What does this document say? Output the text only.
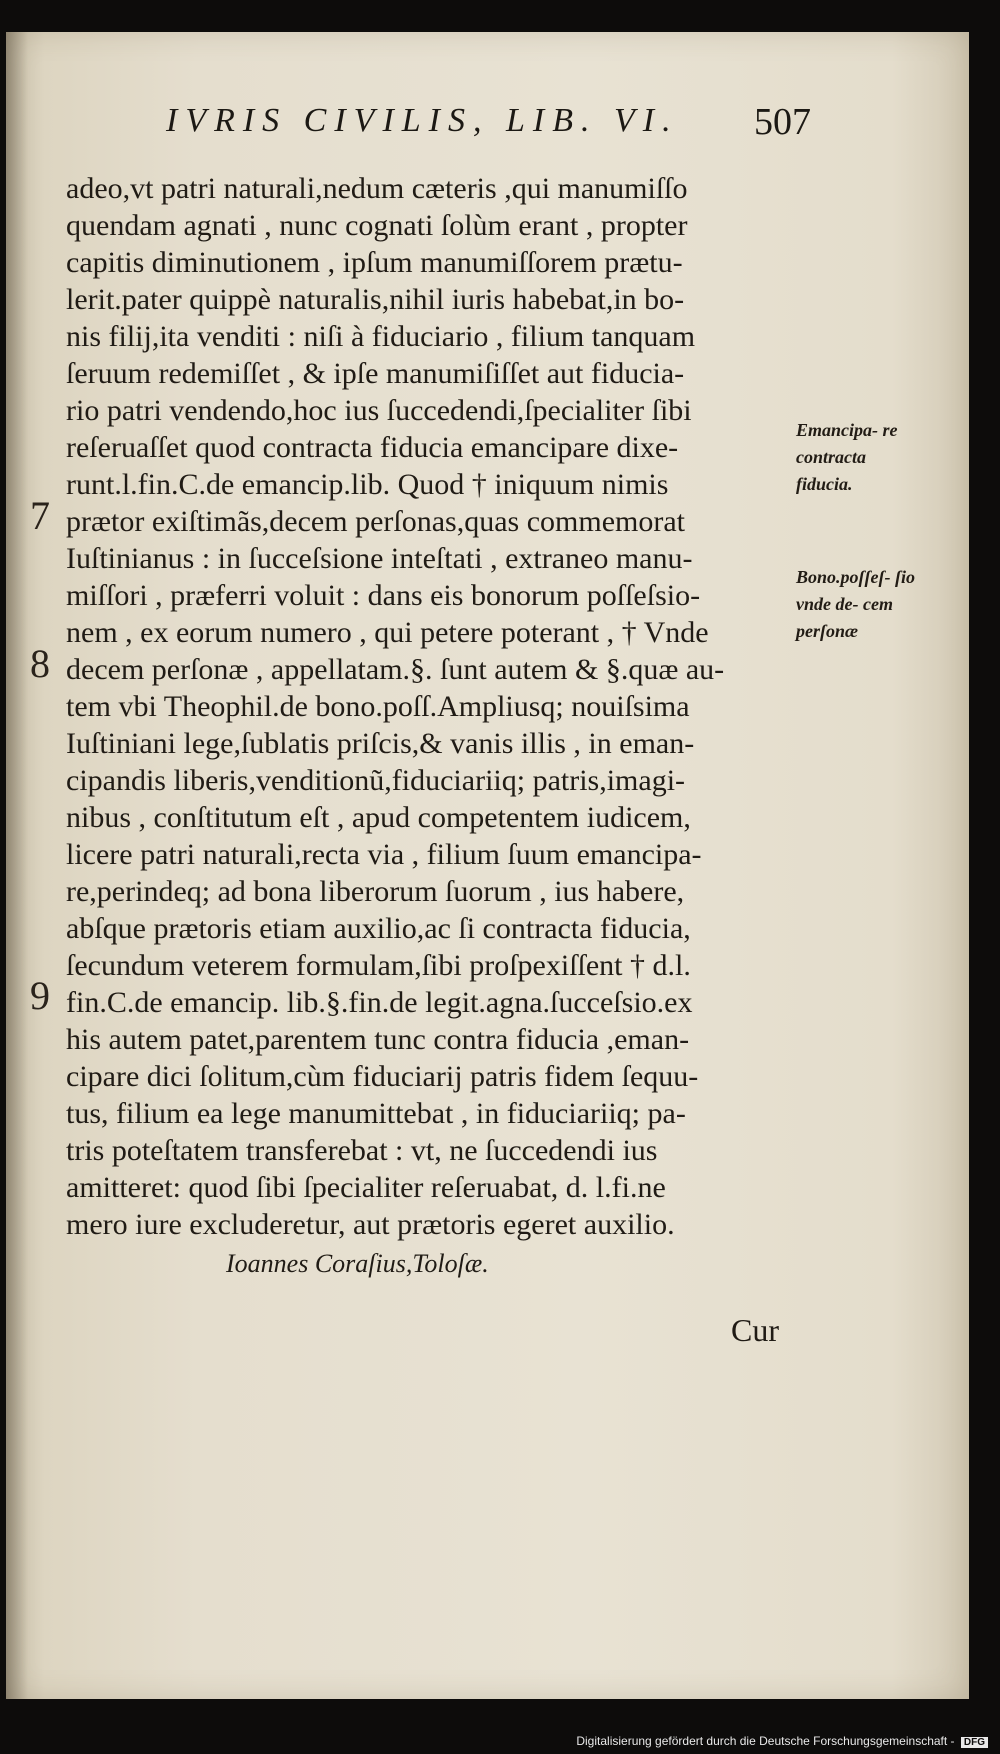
IVRIS CIVILIS, LIB. VI. 507
adeo,vt patri naturali,nedum cæteris ,qui manumiſſo
quendam agnati , nunc cognati ſolùm erant , propter
capitis diminutionem , ipſum manumiſſorem prætu-
lerit.pater quippè naturalis,nihil iuris habebat,in bo-
nis filij,ita venditi : niſi à fiduciario , filium tanquam
ſeruum redemiſſet , & ipſe manumiſiſſet aut fiducia-
rio patri vendendo,hoc ius ſuccedendi,ſpecialiter ſibi
reſeruaſſet quod contracta fiducia emancipare dixe-
runt.l.fin.C.de emancip.lib. Quod † iniquum nimis
prætor exiſtimãs,decem perſonas,quas commemorat
Iuſtinianus : in ſucceſsione inteſtati , extraneo manu-
miſſori , præferri voluit : dans eis bonorum poſſeſsio-
nem , ex eorum numero , qui petere poterant , † Vnde
decem perſonæ , appellatam.§. ſunt autem & §.quæ au-
tem vbi Theophil.de bono.poſſ.Ampliusq; nouiſsima
Iuſtiniani lege,ſublatis priſcis,& vanis illis , in eman-
cipandis liberis,venditionũ,fiduciariiq; patris,imagi-
nibus , conſtitutum eſt , apud competentem iudicem,
licere patri naturali,recta via , filium ſuum emancipa-
re,perindeq; ad bona liberorum ſuorum , ius habere,
abſque prætoris etiam auxilio,ac ſi contracta fiducia,
ſecundum veterem formulam,ſibi proſpexiſſent † d.l.
fin.C.de emancip. lib.§.fin.de legit.agna.ſucceſsio.ex
his autem patet,parentem tunc contra fiducia ,eman-
cipare dici ſolitum,cùm fiduciarij patris fidem ſequu-
tus, filium ea lege manumittebat , in fiduciariiq; pa-
tris poteſtatem transferebat : vt, ne ſuccedendi ius
amitteret: quod ſibi ſpecialiter reſeruabat, d. l.fi.ne
mero iure excluderetur, aut prætoris egeret auxilio.
Ioannes Coraſius,Toloſæ.
Cur
7
8
9
Emancipa- re contracta fiducia.
Bono.poſſeſ- ſio vnde de- cem perſonæ
Digitalisierung gefördert durch die Deutsche Forschungsgemeinschaft - DFG
